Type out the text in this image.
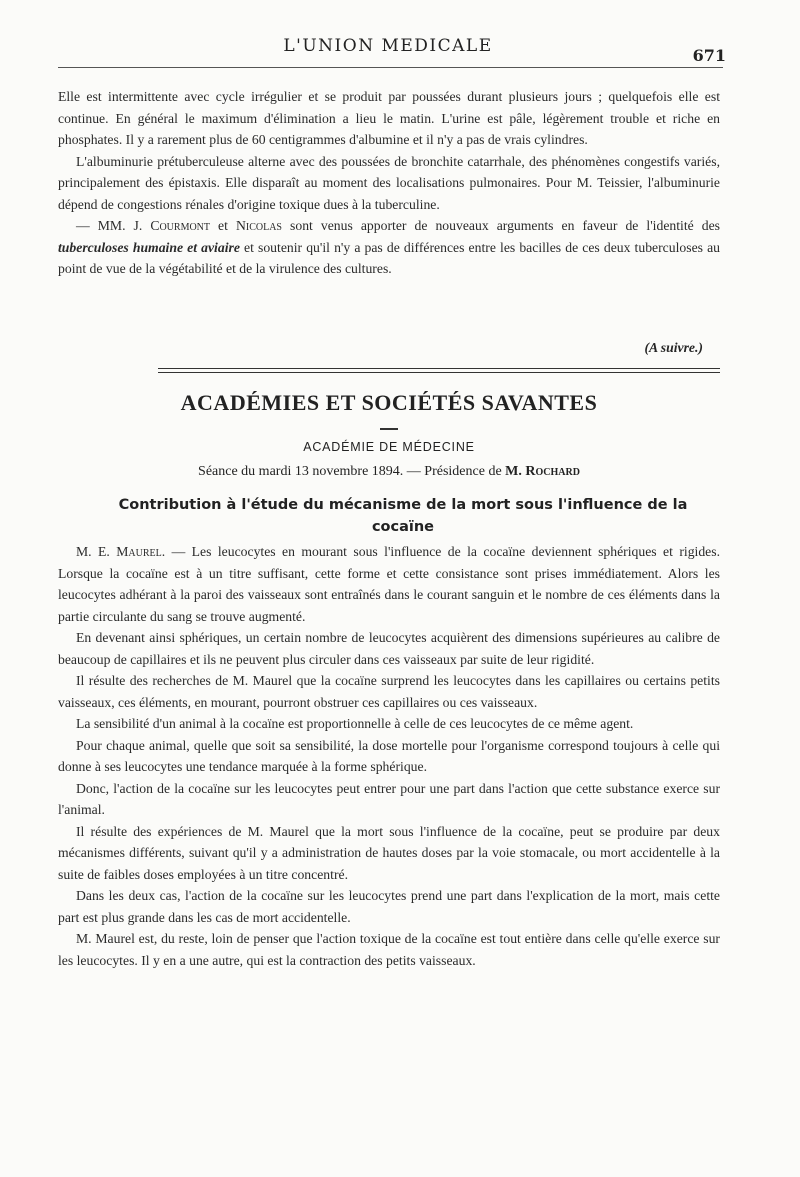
L'UNION MEDICALE	671

Elle est intermittente avec cycle irrégulier et se produit par poussées durant plusieurs jours ; quelquefois elle est continue. En général le maximum d'élimination a lieu le matin. L'urine est pâle, légèrement trouble et riche en phosphates. Il y a rarement plus de 60 centigrammes d'albumine et il n'y a pas de vrais cylindres.

L'albuminurie prétuberculeuse alterne avec des poussées de bronchite catarrhale, des phénomènes congestifs variés, principalement des épistaxis. Elle disparaît au moment des localisations pulmonaires. Pour M. Teissier, l'albuminurie dépend de congestions rénales d'origine toxique dues à la tuberculine.

— MM. J. Courmont et Nicolas sont venus apporter de nouveaux arguments en faveur de l'identité des tuberculoses humaine et aviaire et soutenir qu'il n'y a pas de différences entre les bacilles de ces deux tuberculoses au point de vue de la végétabilité et de la virulence des cultures.

(A suivre.)
ACADÉMIES ET SOCIÉTÉS SAVANTES
ACADÉMIE DE MÉDECINE
Séance du mardi 13 novembre 1894. — Présidence de M. Rochard
Contribution à l'étude du mécanisme de la mort sous l'influence de la cocaïne

M. E. Maurel. — Les leucocytes en mourant sous l'influence de la cocaïne deviennent sphériques et rigides. Lorsque la cocaïne est à un titre suffisant, cette forme et cette consistance sont prises immédiatement. Alors les leucocytes adhérant à la paroi des vaisseaux sont entraînés dans le courant sanguin et le nombre de ces éléments dans la partie circulante du sang se trouve augmenté.

En devenant ainsi sphériques, un certain nombre de leucocytes acquièrent des dimensions supérieures au calibre de beaucoup de capillaires et ils ne peuvent plus circuler dans ces vaisseaux par suite de leur rigidité.

Il résulte des recherches de M. Maurel que la cocaïne surprend les leucocytes dans les capillaires ou certains petits vaisseaux, ces éléments, en mourant, pourront obstruer ces capillaires ou ces vaisseaux.

La sensibilité d'un animal à la cocaïne est proportionnelle à celle de ces leucocytes de ce même agent.

Pour chaque animal, quelle que soit sa sensibilité, la dose mortelle pour l'organisme correspond toujours à celle qui donne à ses leucocytes une tendance marquée à la forme sphérique.

Donc, l'action de la cocaïne sur les leucocytes peut entrer pour une part dans l'action que cette substance exerce sur l'animal.

Il résulte des expériences de M. Maurel que la mort sous l'influence de la cocaïne, peut se produire par deux mécanismes différents, suivant qu'il y a administration de hautes doses par la voie stomacale, ou mort accidentelle à la suite de faibles doses employées à un titre concentré.

Dans les deux cas, l'action de la cocaïne sur les leucocytes prend une part dans l'explication de la mort, mais cette part est plus grande dans les cas de mort accidentelle.

M. Maurel est, du reste, loin de penser que l'action toxique de la cocaïne est tout entière dans celle qu'elle exerce sur les leucocytes. Il y en a une autre, qui est la contraction des petits vaisseaux.
